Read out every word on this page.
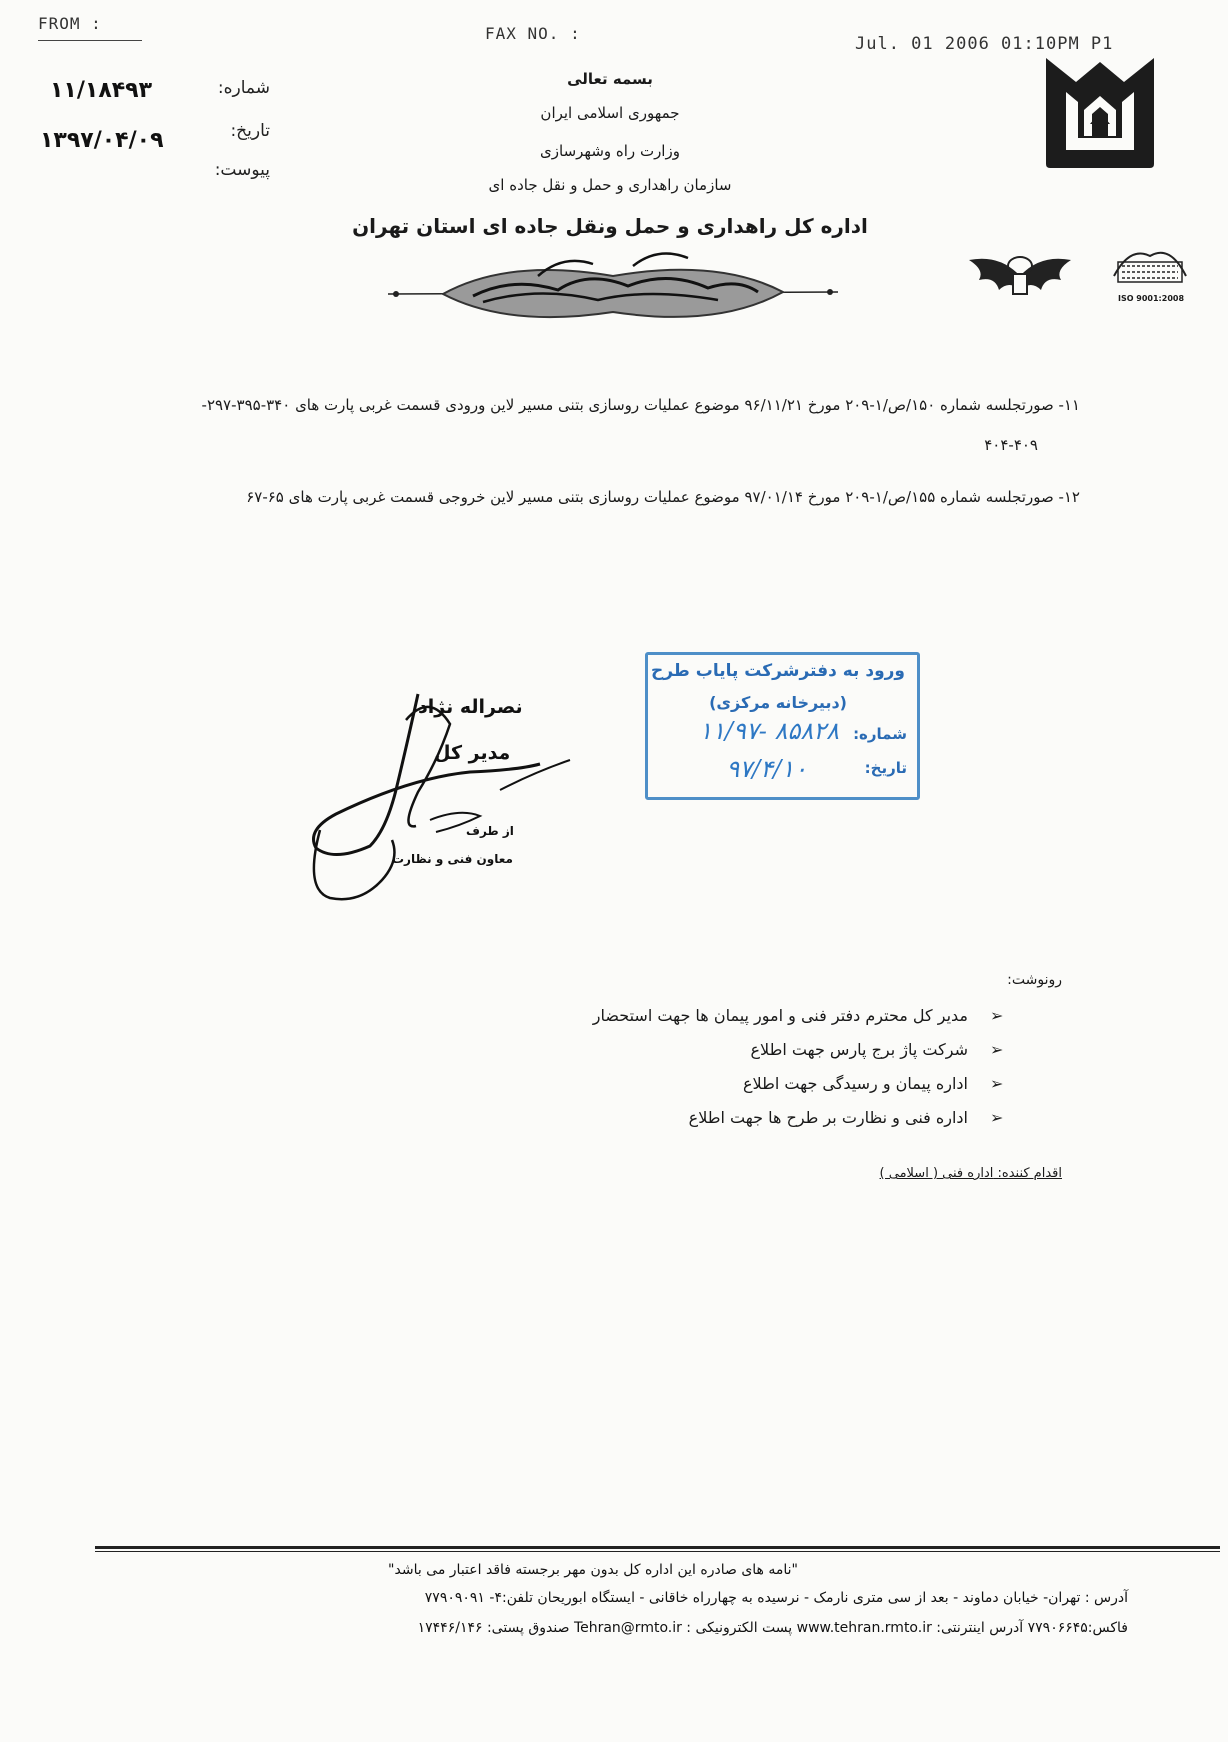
FROM :
FAX NO. :
Jul. 01 2006 01:10PM P1
شماره:
۱۱/۱۸۴۹۳
تاریخ:
۱۳۹۷/۰۴/۰۹
پیوست:
بسمه تعالی
جمهوری اسلامی ایران
وزارت راه وشهرسازی
سازمان راهداری و حمل و نقل جاده ای
اداره کل راهداری و حمل ونقل جاده ای استان تهران
ISO 9001:2008
۱۱- صورتجلسه شماره ۱۵۰/ص/۱-۲۰۹ مورخ ۹۶/۱۱/۲۱ موضوع عملیات روسازی بتنی مسیر لاین ورودی قسمت غربی پارت های ۳۴۰-۳۹۵-۲۹۷-
۴۰۴-۴۰۹
۱۲- صورتجلسه شماره ۱۵۵/ص/۱-۲۰۹ مورخ ۹۷/۰۱/۱۴ موضوع عملیات روسازی بتنی مسیر لاین خروجی قسمت غربی پارت های ۶۵-۶۷
ورود به دفترشرکت پایاب طرح
(دبیرخانه مرکزی)
شماره:
۸۵۸۲۸ -۱۱/۹۷
تاریخ:
۹۷/۴/۱۰
نصراله نژاد
مدیر کل
از طرف
معاون فنی و نظارت
رونوشت:
➢
مدیر کل محترم دفتر فنی و امور پیمان ها جهت استحضار
➢
شرکت پاژ برج پارس جهت اطلاع
➢
اداره پیمان و رسیدگی جهت اطلاع
➢
اداره فنی و نظارت بر طرح ها جهت اطلاع
اقدام کننده: اداره فنی ( اسلامی )
"نامه های صادره این اداره کل بدون مهر برجسته فاقد اعتبار می باشد"
آدرس : تهران- خیابان دماوند - بعد از سی متری نارمک - نرسیده به چهارراه خاقانی - ایستگاه ابوریحان تلفن:۴- ۷۷۹۰۹۰۹۱
فاکس:۷۷۹۰۶۶۴۵ آدرس اینترنتی: www.tehran.rmto.ir پست الکترونیکی : Tehran@rmto.ir صندوق پستی: ۱۷۴۴۶/۱۴۶
